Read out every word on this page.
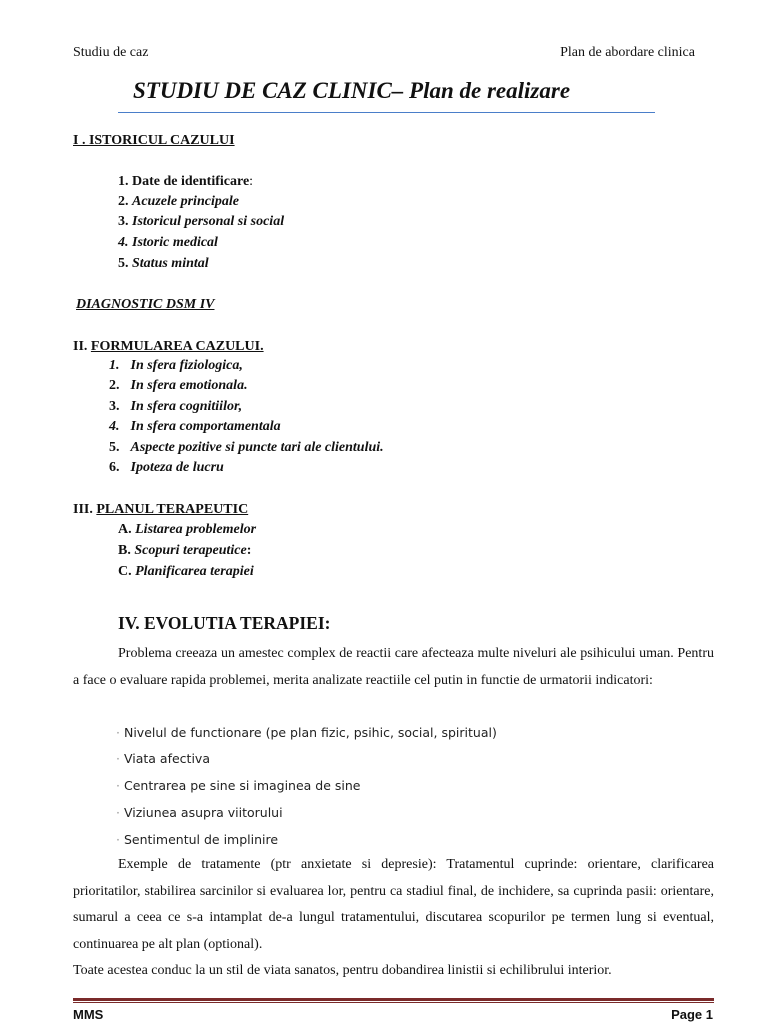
Studiu de caz	Plan de abordare clinica
STUDIU DE CAZ CLINIC– Plan de realizare
I . ISTORICUL CAZULUI
1. Date de identificare:
2. Acuzele principale
3. Istoricul personal si social
4. Istoric medical
5. Status mintal
DIAGNOSTIC DSM IV
II. FORMULAREA CAZULUI.
1. In sfera fiziologica,
2. In sfera emotionala.
3. In sfera cognitiilor,
4. In sfera comportamentala
5. Aspecte pozitive si puncte tari ale clientului.
6. Ipoteza de lucru
III. PLANUL TERAPEUTIC
A. Listarea problemelor
B. Scopuri terapeutice:
C. Planificarea terapiei
IV. EVOLUTIA TERAPIEI:
Problema creeaza un amestec complex de reactii care afecteaza multe niveluri ale psihicului uman. Pentru a face o evaluare rapida problemei, merita analizate reactiile cel putin in functie de urmatorii indicatori:
· Nivelul de functionare (pe plan fizic, psihic, social, spiritual)
· Viata afectiva
· Centrarea pe sine si imaginea de sine
· Viziunea asupra viitorului
· Sentimentul de implinire
Exemple de tratamente (ptr anxietate si depresie): Tratamentul cuprinde: orientare, clarificarea prioritatilor, stabilirea sarcinilor si evaluarea lor, pentru ca stadiul final, de inchidere, sa cuprinda pasii: orientare, sumarul a ceea ce s-a intamplat de-a lungul tratamentului, discutarea scopurilor pe termen lung si eventual, continuarea pe alt plan (optional).
Toate acestea conduc la un stil de viata sanatos, pentru dobandirea linistii si echilibrului interior.
MMS	Page 1
